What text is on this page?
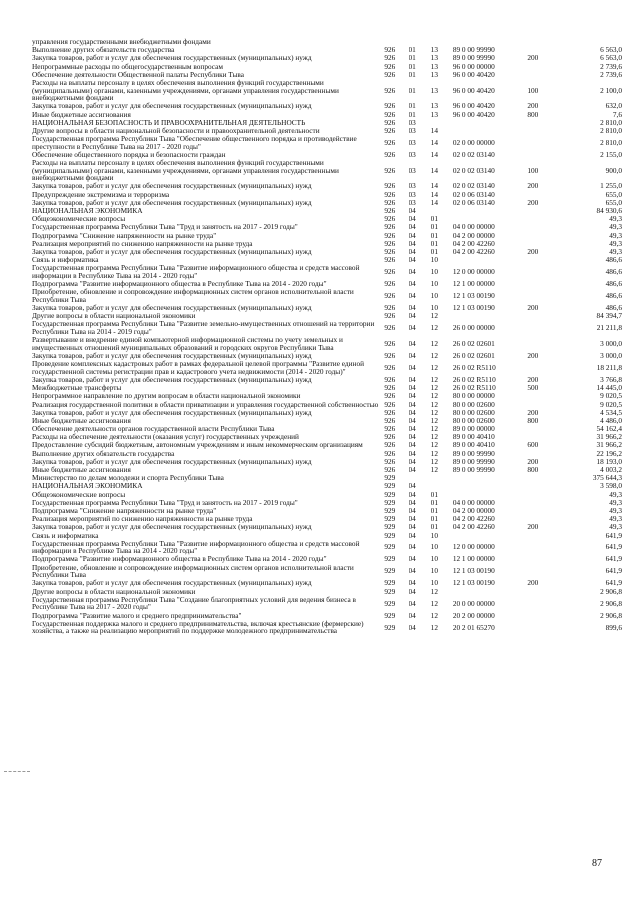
управления государственными внебюджетными фондами						
Выполнение других обязательств государства	926	01	13	89 0 00 99990		6 563,0
Закупка товаров, работ и услуг для обеспечения государственных (муниципальных) нужд	926	01	13	89 0 00 99990	200	6 563,0
Непрограммные расходы по общегосударственным вопросам	926	01	13	96 0 00 00000		2 739,6
Обеспечение деятельности Общественной палаты Республики Тыва	926	01	13	96 0 00 40420		2 739,6
Расходы на выплаты персоналу в целях обеспечения выполнения функций государственными (муниципальными) органами, казенными учреждениями, органами управления государственными внебюджетными фондами	926	01	13	96 0 00 40420	100	2 100,0
Закупка товаров, работ и услуг для обеспечения государственных (муниципальных) нужд	926	01	13	96 0 00 40420	200	632,0
Иные бюджетные ассигнования	926	01	13	96 0 00 40420	800	7,6
НАЦИОНАЛЬНАЯ БЕЗОПАСНОСТЬ И ПРАВООХРАНИТЕЛЬНАЯ ДЕЯТЕЛЬНОСТЬ	926	03				2 810,0
Другие вопросы в области национальной безопасности и правоохранительной деятельности	926	03	14			2 810,0
Государственная программа Республики Тыва "Обеспечение общественного порядка и противодействие преступности в Республике Тыва на 2017 - 2020 годы"	926	03	14	02 0 00 00000		2 810,0
Обеспечение общественного порядка и безопасности граждан	926	03	14	02 0 02 03140		2 155,0
Расходы на выплаты персоналу в целях обеспечения выполнения функций государственными (муниципальными) органами, казенными учреждениями, органами управления государственными внебюджетными фондами	926	03	14	02 0 02 03140	100	900,0
Закупка товаров, работ и услуг для обеспечения государственных (муниципальных) нужд	926	03	14	02 0 02 03140	200	1 255,0
Предупреждение экстремизма и терроризма	926	03	14	02 0 06 03140		655,0
Закупка товаров, работ и услуг для обеспечения государственных (муниципальных) нужд	926	03	14	02 0 06 03140	200	655,0
НАЦИОНАЛЬНАЯ ЭКОНОМИКА	926	04				84 930,6
Общеэкономические вопросы	926	04	01			49,3
Государственная программа Республики Тыва "Труд и занятость на 2017 - 2019 годы"	926	04	01	04 0 00 00000		49,3
Подпрограмма "Снижение напряженности на рынке труда"	926	04	01	04 2 00 00000		49,3
Реализация мероприятий по снижению напряженности на рынке труда	926	04	01	04 2 00 42260		49,3
Закупка товаров, работ и услуг для обеспечения государственных (муниципальных) нужд	926	04	01	04 2 00 42260	200	49,3
Связь и информатика	926	04	10			486,6
Государственная программа Республики Тыва "Развитие информационного общества и средств массовой информации в Республике Тыва на 2014 - 2020 годы"	926	04	10	12 0 00 00000		486,6
Подпрограмма "Развитие информационного общества в Республике Тыва на 2014 - 2020 годы"	926	04	10	12 1 00 00000		486,6
Приобретение, обновление и сопровождение информационных систем органов исполнительной власти Республики Тыва	926	04	10	12 1 03 00190		486,6
Закупка товаров, работ и услуг для обеспечения государственных (муниципальных) нужд	926	04	10	12 1 03 00190	200	486,6
Другие вопросы в области национальной экономики	926	04	12			84 394,7
Государственная программа Республики Тыва "Развитие земельно-имущественных отношений на территории Республики Тыва на 2014 - 2019 годы"	926	04	12	26 0 00 00000		21 211,8
Развертывание и внедрение единой компьютерной информационной системы по учету земельных и имущественных отношений муниципальных образований и городских округов Республики Тыва	926	04	12	26 0 02 02601		3 000,0
Закупка товаров, работ и услуг для обеспечения государственных (муниципальных) нужд	926	04	12	26 0 02 02601	200	3 000,0
Проведение комплексных кадастровых работ в рамках федеральной целевой программы "Развитие единой государственной системы регистрации прав и кадастрового учета недвижимости (2014 - 2020 годы)"	926	04	12	26 0 02 R5110		18 211,8
Закупка товаров, работ и услуг для обеспечения государственных (муниципальных) нужд	926	04	12	26 0 02 R5110	200	3 766,8
Межбюджетные трансферты	926	04	12	26 0 02 R5110	500	14 445,0
Непрограммное направление по другим вопросам в области национальной экономики	926	04	12	80 0 00 00000		9 020,5
Реализация государственной политики в области приватизации и управления государственной собственностью	926	04	12	80 0 00 02600		9 020,5
Закупка товаров, работ и услуг для обеспечения государственных (муниципальных) нужд	926	04	12	80 0 00 02600	200	4 534,5
Иные бюджетные ассигнования	926	04	12	80 0 00 02600	800	4 486,0
Обеспечение деятельности органов государственной власти Республики Тыва	926	04	12	89 0 00 00000		54 162,4
Расходы на обеспечение деятельности (оказания услуг) государственных учреждений	926	04	12	89 0 00 40410		31 966,2
Предоставление субсидий бюджетным, автономным учреждениям и иным некоммерческим организациям	926	04	12	89 0 00 40410	600	31 966,2
Выполнение других обязательств государства	926	04	12	89 0 00 99990		22 196,2
Закупка товаров, работ и услуг для обеспечения государственных (муниципальных) нужд	926	04	12	89 0 00 99990	200	18 193,0
Иные бюджетные ассигнования	926	04	12	89 0 00 99990	800	4 003,2
Министерство по делам молодежи и спорта Республики Тыва	929					375 644,3
НАЦИОНАЛЬНАЯ ЭКОНОМИКА	929	04				3 598,0
Общеэкономические вопросы	929	04	01			49,3
Государственная программа Республики Тыва "Труд и занятость на 2017 - 2019 годы"	929	04	01	04 0 00 00000		49,3
Подпрограмма "Снижение напряженности на рынке труда"	929	04	01	04 2 00 00000		49,3
Реализация мероприятий по снижению напряженности на рынке труда	929	04	01	04 2 00 42260		49,3
Закупка товаров, работ и услуг для обеспечения государственных (муниципальных) нужд	929	04	01	04 2 00 42260	200	49,3
Связь и информатика	929	04	10			641,9
Государственная программа Республики Тыва "Развитие информационного общества и средств массовой информации в Республике Тыва на 2014 - 2020 годы"	929	04	10	12 0 00 00000		641,9
Подпрограмма "Развитие информационного общества в Республике Тыва на 2014 - 2020 годы"	929	04	10	12 1 00 00000		641,9
Приобретение, обновление и сопровождение информационных систем органов исполнительной власти Республики Тыва	929	04	10	12 1 03 00190		641,9
Закупка товаров, работ и услуг для обеспечения государственных (муниципальных) нужд	929	04	10	12 1 03 00190	200	641,9
Другие вопросы в области национальной экономики	929	04	12			2 906,8
Государственная программа Республики Тыва "Создание благоприятных условий для ведения бизнеса в Республике Тыва на 2017 - 2020 годы"	929	04	12	20 0 00 00000		2 906,8
Подпрограмма "Развитие малого и среднего предпринимательства"	929	04	12	20 2 00 00000		2 906,8
Государственная поддержка малого и среднего предпринимательства, включая крестьянские (фермерские) хозяйства, а также на реализацию мероприятий по поддержке молодежного предпринимательства	929	04	12	20 2 01 65270		899,6
87
